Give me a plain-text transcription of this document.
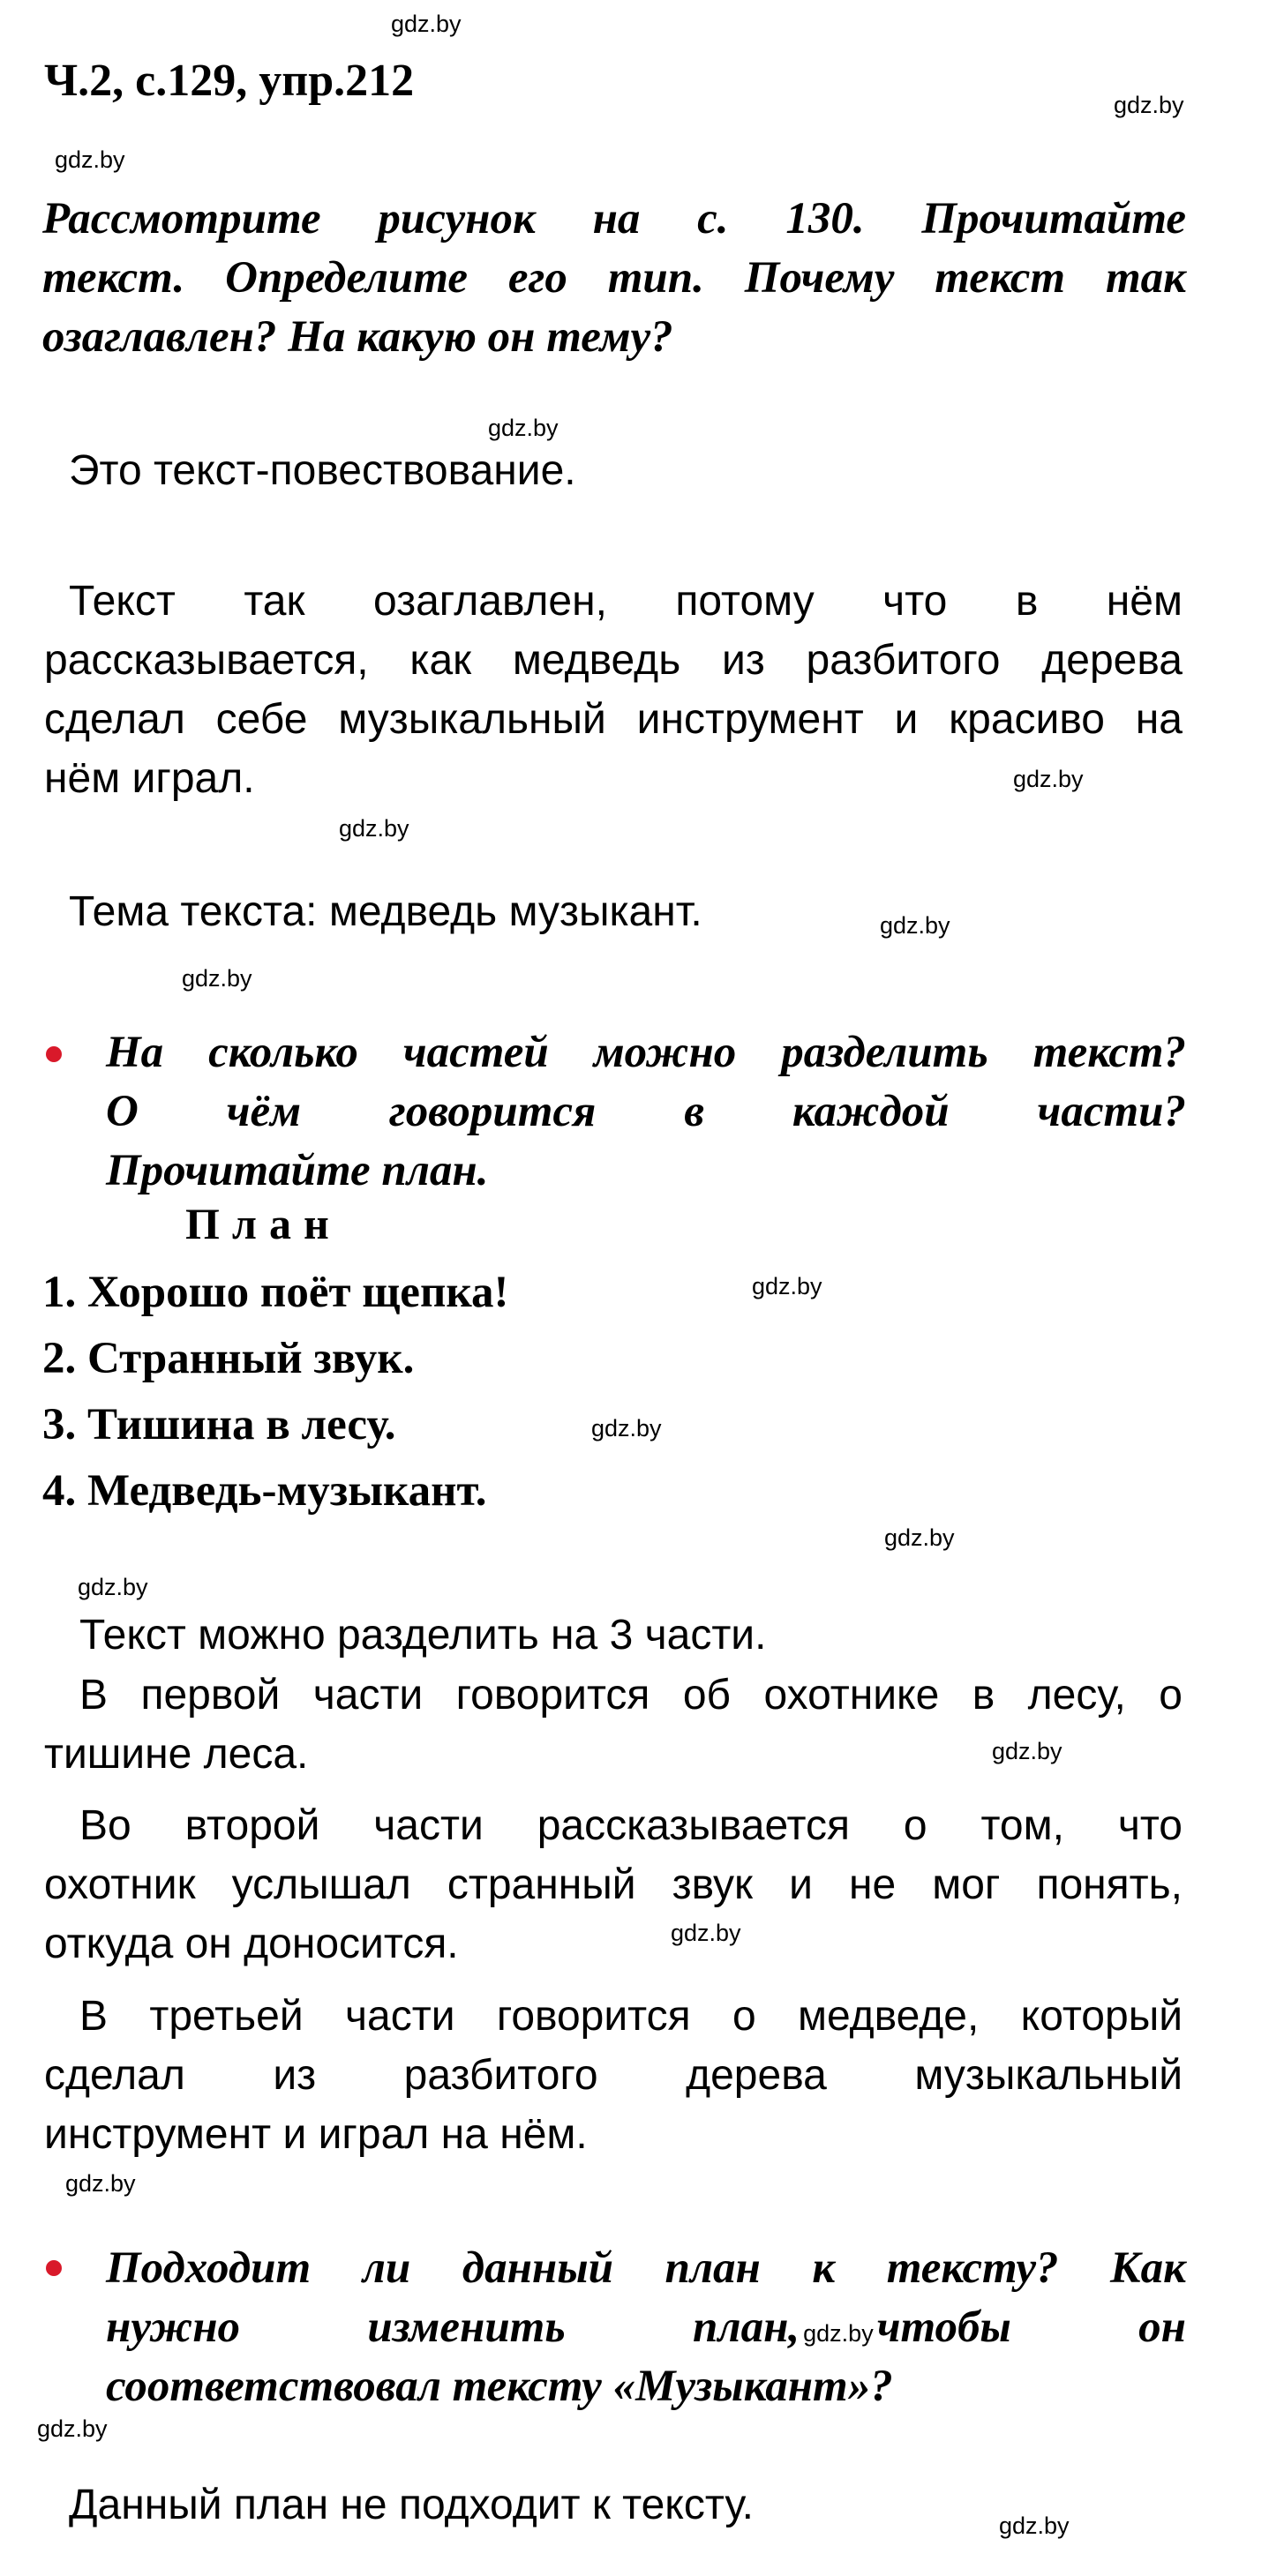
gdz.by
gdz.by
gdz.by
gdz.by
gdz.by
gdz.by
gdz.by
gdz.by
gdz.by
gdz.by
gdz.by
gdz.by
gdz.by
gdz.by
gdz.by
gdz.by
gdz.by
Ч.2, с.129, упр.212
Рассмотрите рисунок на с. 130. Прочитайте
текст. Определите его тип. Почему текст так
озаглавлен? На какую он тему?
Это текст-повествование.
Текст так озаглавлен, потому что в нём
рассказывается, как медведь из разбитого дерева
сделал себе музыкальный инструмент и красиво на
нём играл.
Тема текста: медведь музыкант.
На сколько частей можно разделить текст?
О чём говорится в каждой части?
Прочитайте план.
План
1. Хорошо поёт щепка!
2. Странный звук.
3. Тишина в лесу.
4. Медведь-музыкант.
Текст можно разделить на 3 части.
В первой части говорится об охотнике в лесу, о
тишине леса.
Во второй части рассказывается о том, что
охотник услышал странный звук и не мог понять,
откуда он доносится.
В третьей части говорится о медведе, который
сделал из разбитого дерева музыкальный
инструмент и играл на нём.
Подходит ли данный план к тексту? Как
нужно изменить план, gdz.byчтобы он
соответствовал тексту «Музыкант»?
Данный план не подходит к тексту.
